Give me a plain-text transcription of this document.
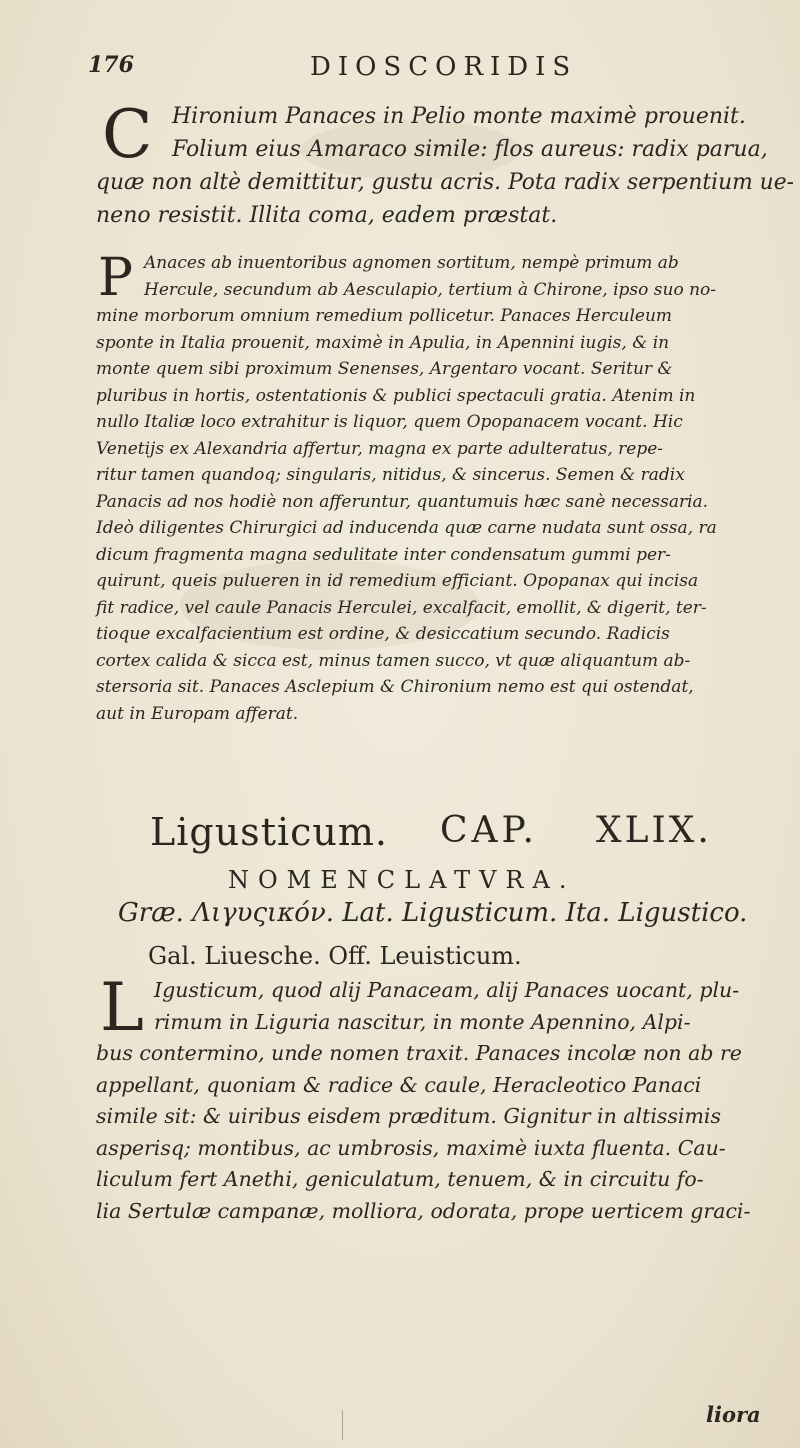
176	DIOSCORIDIS
C Hironium Panaces in Pelio monte maximè prouenit.
Folium eius Amaraco simile: flos aureus: radix parua,
quæ non altè demittitur, gustu acris. Pota radix serpentium ue-
neno resistit. Illita coma, eadem præstat.
P Anaces ab inuentoribus agnomen sortitum, nempè primum ab
Hercule, secundum ab Aesculapio, tertium à Chirone, ipso suo no-
mine morborum omnium remedium pollicetur. Panaces Herculeum
sponte in Italia prouenit, maximè in Apulia, in Apennini iugis, & in
monte quem sibi proximum Senenses, Argentaro vocant. Seritur &
pluribus in hortis, ostentationis & publici spectaculi gratia. Atenim in
nullo Italiæ loco extrahitur is liquor, quem Opopanacem vocant. Hic
Venetijs ex Alexandria affertur, magna ex parte adulteratus, repe-
ritur tamen quandoq; singularis, nitidus, & sincerus. Semen & radix
Panacis ad nos hodiè non afferuntur, quantumuis hæc sanè necessaria.
Ideò diligentes Chirurgici ad inducenda quæ carne nudata sunt ossa, ra
dicum fragmenta magna sedulitate inter condensatum gummi per-
quirunt, queis pulueren in id remedium efficiant. Opopanax qui incisa
fit radice, vel caule Panacis Herculei, excalfacit, emollit, & digerit, ter-
tioque excalfacientium est ordine, & desiccatium secundo. Radicis
cortex calida & sicca est, minus tamen succo, vt quæ aliquantum ab-
stersoria sit. Panaces Asclepium & Chironium nemo est qui ostendat,
aut in Europam afferat.
Ligusticum. CAP. XLIX.
NOMENCLATVRA.
Græ. Λιγυςικόν. Lat. Ligusticum. Ita. Ligustico.
Gal. Liuesche. Off. Leuisticum.
L Igusticum, quod alij Panaceam, alij Panaces uocant, plu-
rimum in Liguria nascitur, in monte Apennino, Alpi-
bus contermino, unde nomen traxit. Panaces incolæ non ab re
appellant, quoniam & radice & caule, Heracleotico Panaci
simile sit: & uiribus eisdem præditum. Gignitur in altissimis
asperisq; montibus, ac umbrosis, maximè iuxta fluenta. Cau-
liculum fert Anethi, geniculatum, tenuem, & in circuitu fo-
lia Sertulæ campanæ, molliora, odorata, prope uerticem graci-
liora
